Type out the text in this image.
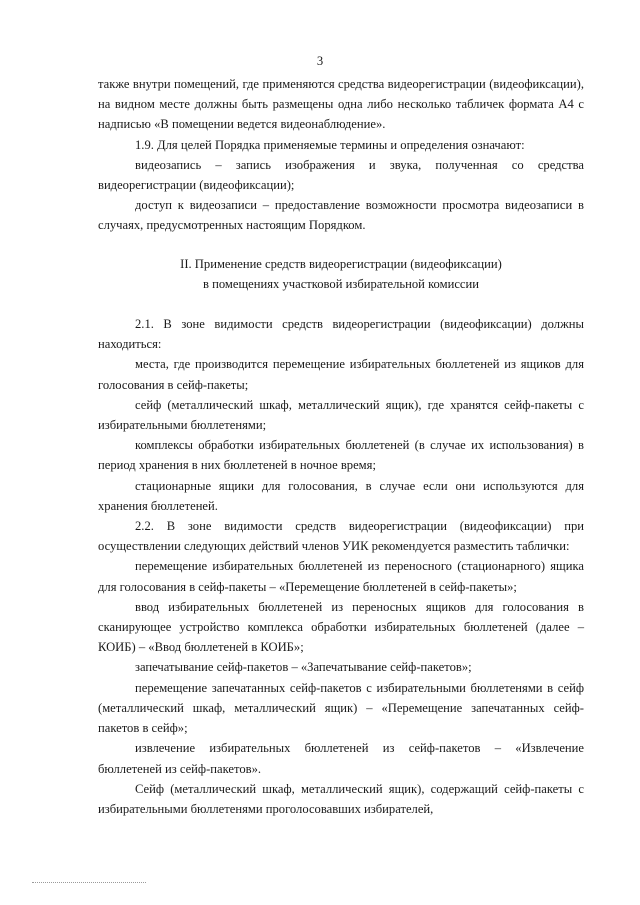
3

также внутри помещений, где применяются средства видеорегистрации (видеофиксации), на видном месте должны быть размещены одна либо несколько табличек формата А4 с надписью «В помещении ведется видеонаблюдение».

1.9. Для целей Порядка применяемые термины и определения означают:

видеозапись – запись изображения и звука, полученная со средства видеорегистрации (видеофиксации);

доступ к видеозаписи – предоставление возможности просмотра видеозаписи в случаях, предусмотренных настоящим Порядком.

II. Применение средств видеорегистрации (видеофиксации)
в помещениях участковой избирательной комиссии

2.1. В зоне видимости средств видеорегистрации (видеофиксации) должны находиться:

места, где производится перемещение избирательных бюллетеней из ящиков для голосования в сейф-пакеты;

сейф (металлический шкаф, металлический ящик), где хранятся сейф-пакеты с избирательными бюллетенями;

комплексы обработки избирательных бюллетеней (в случае их использования) в период хранения в них бюллетеней в ночное время;

стационарные ящики для голосования, в случае если они используются для хранения бюллетеней.

2.2. В зоне видимости средств видеорегистрации (видеофиксации) при осуществлении следующих действий членов УИК рекомендуется разместить таблички:

перемещение избирательных бюллетеней из переносного (стационарного) ящика для голосования в сейф-пакеты – «Перемещение бюллетеней в сейф-пакеты»;

ввод избирательных бюллетеней из переносных ящиков для голосования в сканирующее устройство комплекса обработки избирательных бюллетеней (далее – КОИБ) – «Ввод бюллетеней в КОИБ»;

запечатывание сейф-пакетов – «Запечатывание сейф-пакетов»;

перемещение запечатанных сейф-пакетов с избирательными бюллетенями в сейф (металлический шкаф, металлический ящик) – «Перемещение запечатанных сейф-пакетов в сейф»;

извлечение избирательных бюллетеней из сейф-пакетов – «Извлечение бюллетеней из сейф-пакетов».

Сейф (металлический шкаф, металлический ящик), содержащий сейф-пакеты с избирательными бюллетенями проголосовавших избирателей,
